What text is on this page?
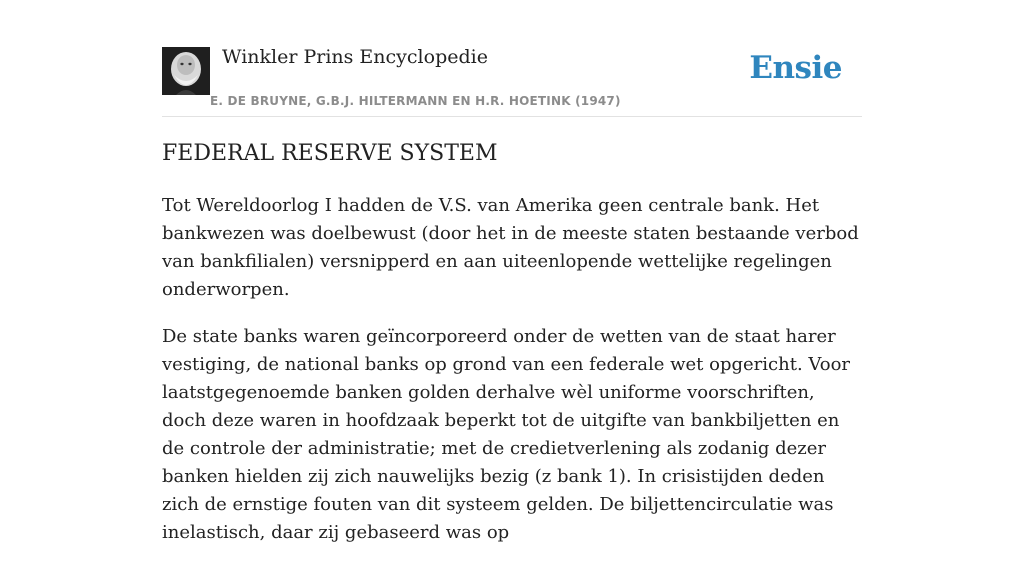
Winkler Prins Encyclopedie
E. DE BRUYNE, G.B.J. HILTERMANN EN H.R. HOETINK (1947)
Ensie
FEDERAL RESERVE SYSTEM

Tot Wereldoorlog I hadden de V.S. van Amerika geen centrale bank. Het bankwezen was doelbewust (door het in de meeste staten bestaande verbod van bankfilialen) versnipperd en aan uiteenlopende wettelijke regelingen onderworpen.

De state banks waren geïncorporeerd onder de wetten van de staat harer vestiging, de national banks op grond van een federale wet opgericht. Voor laatstgegenoemde banken golden derhalve wèl uniforme voorschriften, doch deze waren in hoofdzaak beperkt tot de uitgifte van bankbiljetten en de controle der administratie; met de credietverlening als zodanig dezer banken hielden zij zich nauwelijks bezig (z bank 1). In crisistijden deden zich de ernstige fouten van dit systeem gelden. De biljettencirculatie was inelastisch, daar zij gebaseerd was op
